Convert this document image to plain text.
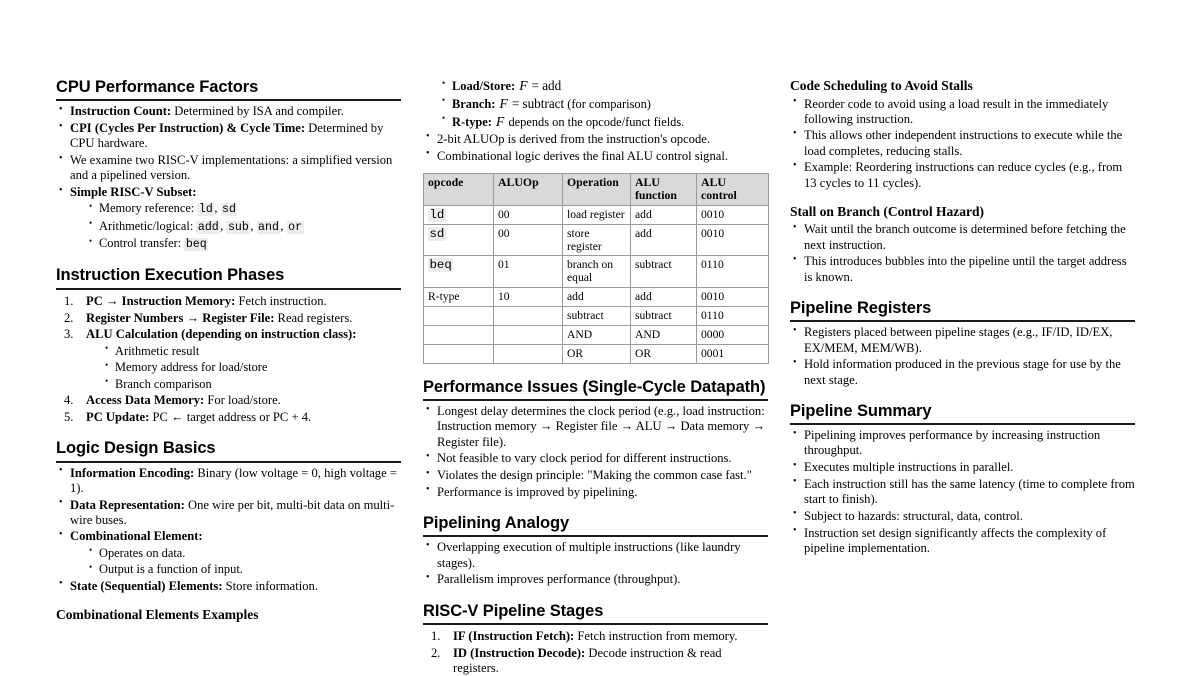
CPU Performance Factors
• Instruction Count: Determined by ISA and compiler.
• CPI (Cycles Per Instruction) & Cycle Time: Determined by CPU hardware.
• We examine two RISC-V implementations: a simplified version and a pipelined version.
• Simple RISC-V Subset:
• Memory reference: ld , sd
• Arithmetic/logical: add , sub , and , or
• Control transfer: beq
Instruction Execution Phases
PC → Instruction Memory: Fetch instruction.
Register Numbers → Register File: Read registers.
ALU Calculation (depending on instruction class):
• Arithmetic result
• Memory address for load/store
• Branch comparison
Access Data Memory: For load/store.
PC Update: PC ← target address or PC + 4.
Logic Design Basics
• Information Encoding: Binary (low voltage = 0, high voltage = 1).
• Data Representation: One wire per bit, multi-bit data on multi-wire buses.
• Combinational Element:
• Operates on data.
• Output is a function of input.
• State (Sequential) Elements: Store information.
Combinational Elements Examples
• Load/Store: F = add
• Branch: F = subtract (for comparison)
• R-type: F depends on the opcode/funct fields.
• 2-bit ALUOp is derived from the instruction's opcode.
• Combinational logic derives the final ALU control signal.
opcode	ALUOp	Operation	ALU function	ALU control
ld	00	load register	add	0010
sd	00	store register	add	0010
beq	01	branch on equal	subtract	0110
R-type	10	add	add	0010
		subtract	subtract	0110
		AND	AND	0000
		OR	OR	0001
Performance Issues (Single-Cycle Datapath)
• Longest delay determines the clock period (e.g., load instruction: Instruction memory → Register file → ALU → Data memory → Register file).
• Not feasible to vary clock period for different instructions.
• Violates the design principle: "Making the common case fast."
• Performance is improved by pipelining.
Pipelining Analogy
• Overlapping execution of multiple instructions (like laundry stages).
• Parallelism improves performance (throughput).
RISC-V Pipeline Stages
IF (Instruction Fetch): Fetch instruction from memory.
ID (Instruction Decode): Decode instruction & read registers.
Code Scheduling to Avoid Stalls
• Reorder code to avoid using a load result in the immediately following instruction.
• This allows other independent instructions to execute while the load completes, reducing stalls.
• Example: Reordering instructions can reduce cycles (e.g., from 13 cycles to 11 cycles).
Stall on Branch (Control Hazard)
• Wait until the branch outcome is determined before fetching the next instruction.
• This introduces bubbles into the pipeline until the target address is known.
Pipeline Registers
• Registers placed between pipeline stages (e.g., IF/ID, ID/EX, EX/MEM, MEM/WB).
• Hold information produced in the previous stage for use by the next stage.
Pipeline Summary
• Pipelining improves performance by increasing instruction throughput.
• Executes multiple instructions in parallel.
• Each instruction still has the same latency (time to complete from start to finish).
• Subject to hazards: structural, data, control.
• Instruction set design significantly affects the complexity of pipeline implementation.
